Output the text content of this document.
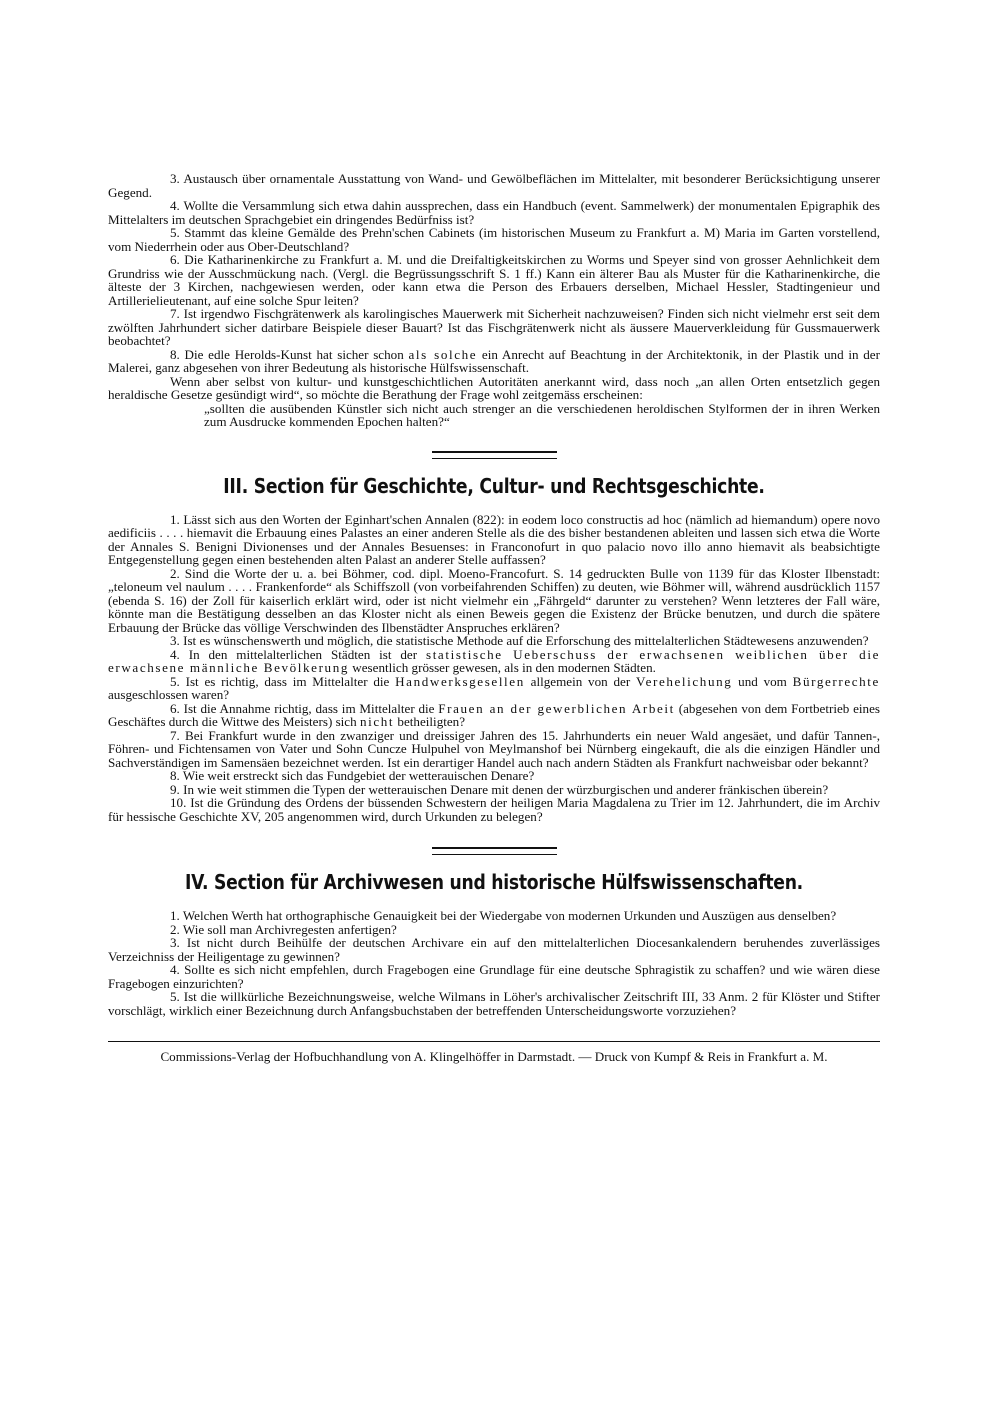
3. Austausch über ornamentale Ausstattung von Wand- und Gewölbeflächen im Mittelalter, mit besonderer Berücksichtigung unserer Gegend.

4. Wollte die Versammlung sich etwa dahin aussprechen, dass ein Handbuch (event. Sammelwerk) der monumentalen Epigraphik des Mittelalters im deutschen Sprachgebiet ein dringendes Bedürfniss ist?

5. Stammt das kleine Gemälde des Prehn'schen Cabinets (im historischen Museum zu Frankfurt a. M) Maria im Garten vorstellend, vom Niederrhein oder aus Ober-Deutschland?

6. Die Katharinenkirche zu Frankfurt a. M. und die Dreifaltigkeitskirchen zu Worms und Speyer sind von grosser Aehnlichkeit dem Grundriss wie der Ausschmückung nach. (Vergl. die Begrüssungsschrift S. 1 ff.) Kann ein älterer Bau als Muster für die Katharinenkirche, die älteste der 3 Kirchen, nachgewiesen werden, oder kann etwa die Person des Erbauers derselben, Michael Hessler, Stadtingenieur und Artillerielieutenant, auf eine solche Spur leiten?

7. Ist irgendwo Fischgrätenwerk als karolingisches Mauerwerk mit Sicherheit nachzuweisen? Finden sich nicht vielmehr erst seit dem zwölften Jahrhundert sicher datirbare Beispiele dieser Bauart? Ist das Fischgrätenwerk nicht als äussere Mauerverkleidung für Gussmauerwerk beobachtet?

8. Die edle Herolds-Kunst hat sicher schon als solche ein Anrecht auf Beachtung in der Architektonik, in der Plastik und in der Malerei, ganz abgesehen von ihrer Bedeutung als historische Hülfswissenschaft.

Wenn aber selbst von kultur- und kunstgeschichtlichen Autoritäten anerkannt wird, dass noch „an allen Orten entsetzlich gegen heraldische Gesetze gesündigt wird“, so möchte die Berathung der Frage wohl zeitgemäss erscheinen:

„sollten die ausübenden Künstler sich nicht auch strenger an die verschiedenen heroldischen Stylformen der in ihren Werken zum Ausdrucke kommenden Epochen halten?“

III. Section für Geschichte, Cultur- und Rechtsgeschichte.

1. Lässt sich aus den Worten der Eginhart'schen Annalen (822): in eodem loco constructis ad hoc (nämlich ad hiemandum) opere novo aedificiis . . . . hiemavit die Erbauung eines Palastes an einer anderen Stelle als die des bisher bestandenen ableiten und lassen sich etwa die Worte der Annales S. Benigni Divionenses und der Annales Besuenses: in Franconofurt in quo palacio novo illo anno hiemavit als beabsichtigte Entgegenstellung gegen einen bestehenden alten Palast an anderer Stelle auffassen?

2. Sind die Worte der u. a. bei Böhmer, cod. dipl. Moeno-Francofurt. S. 14 gedruckten Bulle von 1139 für das Kloster Ilbenstadt: „teloneum vel naulum . . . . Frankenforde“ als Schiffszoll (von vorbeifahrenden Schiffen) zu deuten, wie Böhmer will, während ausdrücklich 1157 (ebenda S. 16) der Zoll für kaiserlich erklärt wird, oder ist nicht vielmehr ein „Fährgeld“ darunter zu verstehen? Wenn letzteres der Fall wäre, könnte man die Bestätigung desselben an das Kloster nicht als einen Beweis gegen die Existenz der Brücke benutzen, und durch die spätere Erbauung der Brücke das völlige Verschwinden des Ilbenstädter Anspruches erklären?

3. Ist es wünschenswerth und möglich, die statistische Methode auf die Erforschung des mittelalterlichen Städtewesens anzuwenden?

4. In den mittelalterlichen Städten ist der statistische Ueberschuss der erwachsenen weiblichen über die erwachsene männliche Bevölkerung wesentlich grösser gewesen, als in den modernen Städten.

5. Ist es richtig, dass im Mittelalter die Handwerksgesellen allgemein von der Verehelichung und vom Bürgerrechte ausgeschlossen waren?

6. Ist die Annahme richtig, dass im Mittelalter die Frauen an der gewerblichen Arbeit (abgesehen von dem Fortbetrieb eines Geschäftes durch die Wittwe des Meisters) sich nicht betheiligten?

7. Bei Frankfurt wurde in den zwanziger und dreissiger Jahren des 15. Jahrhunderts ein neuer Wald angesäet, und dafür Tannen-, Föhren- und Fichtensamen von Vater und Sohn Cuncze Hulpuhel von Meylmanshof bei Nürnberg eingekauft, die als die einzigen Händler und Sachverständigen im Samensäen bezeichnet werden. Ist ein derartiger Handel auch nach andern Städten als Frankfurt nachweisbar oder bekannt?

8. Wie weit erstreckt sich das Fundgebiet der wetterauischen Denare?

9. In wie weit stimmen die Typen der wetterauischen Denare mit denen der würzburgischen und anderer fränkischen überein?

10. Ist die Gründung des Ordens der büssenden Schwestern der heiligen Maria Magdalena zu Trier im 12. Jahrhundert, die im Archiv für hessische Geschichte XV, 205 angenommen wird, durch Urkunden zu belegen?

IV. Section für Archivwesen und historische Hülfswissenschaften.

1. Welchen Werth hat orthographische Genauigkeit bei der Wiedergabe von modernen Urkunden und Auszügen aus denselben?

2. Wie soll man Archivregesten anfertigen?

3. Ist nicht durch Beihülfe der deutschen Archivare ein auf den mittelalterlichen Diocesankalendern beruhendes zuverlässiges Verzeichniss der Heiligentage zu gewinnen?

4. Sollte es sich nicht empfehlen, durch Fragebogen eine Grundlage für eine deutsche Sphragistik zu schaffen? und wie wären diese Fragebogen einzurichten?

5. Ist die willkürliche Bezeichnungsweise, welche Wilmans in Löher's archivalischer Zeitschrift III, 33 Anm. 2 für Klöster und Stifter vorschlägt, wirklich einer Bezeichnung durch Anfangsbuchstaben der betreffenden Unterscheidungsworte vorzuziehen?

Commissions-Verlag der Hofbuchhandlung von A. Klingelhöffer in Darmstadt. — Druck von Kumpf & Reis in Frankfurt a. M.
